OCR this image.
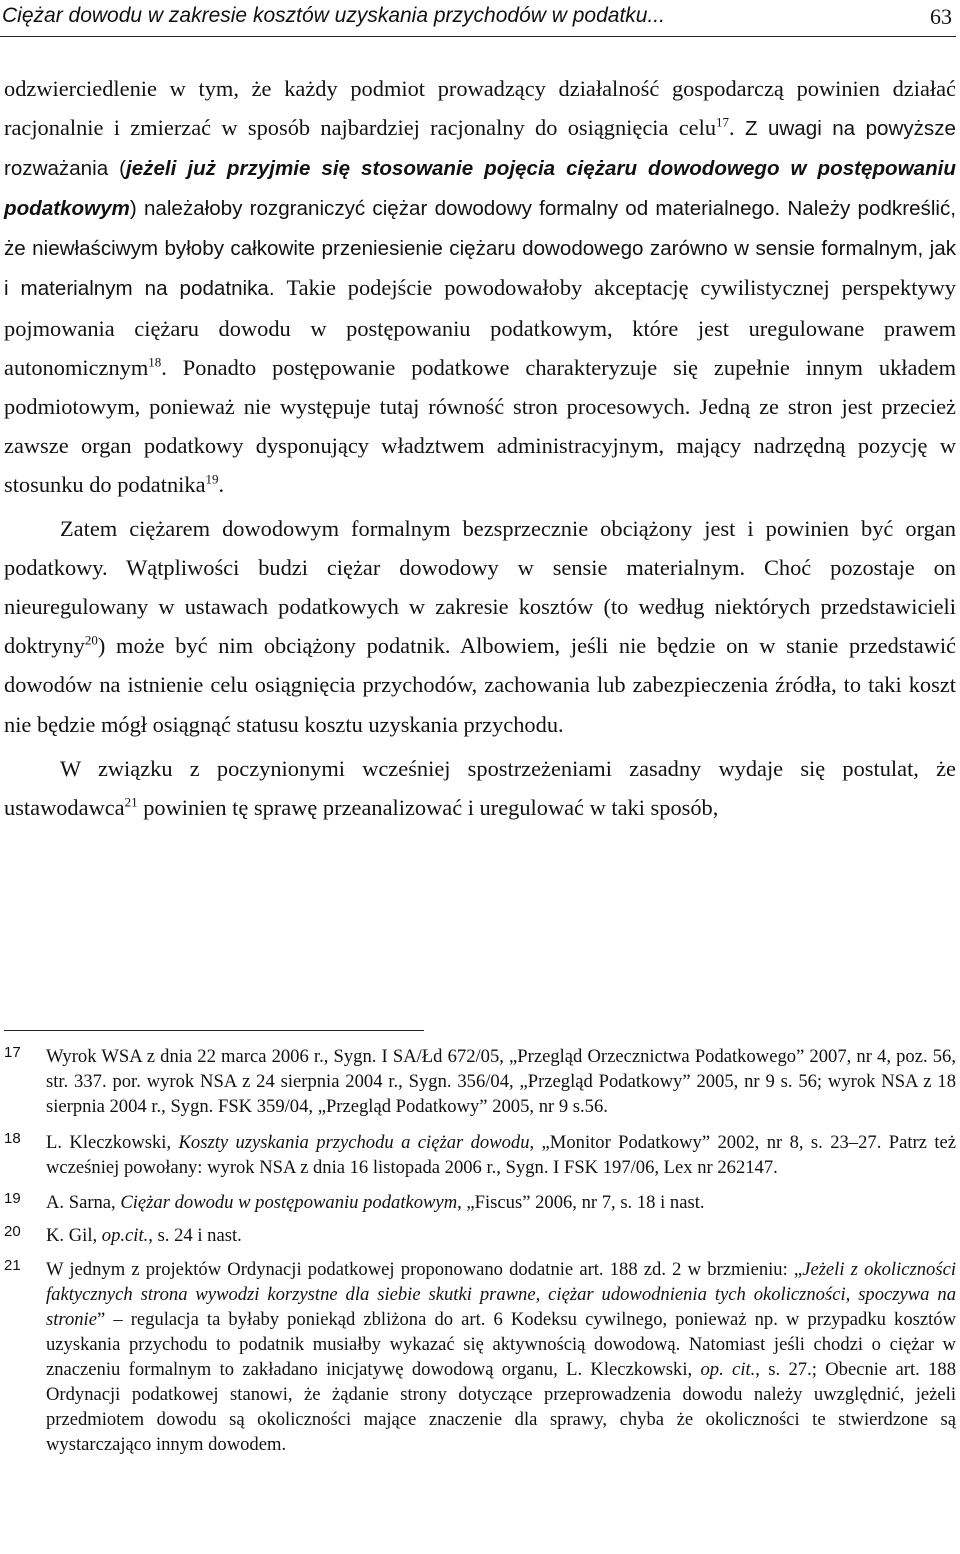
Ciężar dowodu w zakresie kosztów uzyskania przychodów w podatku...	63

odzwierciedlenie w tym, że każdy podmiot prowadzący działalność gospodarczą powinien działać racjonalnie i zmierzać w sposób najbardziej racjonalny do osiągnięcia celu$^{17}$. Z uwagi na powyższe rozważania (jeżeli już przyjmie się stosowanie pojęcia ciężaru dowodowego w postępowaniu podatkowym) należałoby rozgraniczyć ciężar dowodowy formalny od materialnego. Należy podkreślić, że niewłaściwym byłoby całkowite przeniesienie ciężaru dowodowego zarówno w sensie formalnym, jak i materialnym na podatnika. Takie podejście powodowałoby akceptację cywilistycznej perspektywy pojmowania ciężaru dowodu w postępowaniu podatkowym, które jest uregulowane prawem autonomicznym$^{18}$. Ponadto postępowanie podatkowe charakteryzuje się zupełnie innym układem podmiotowym, ponieważ nie występuje tutaj równość stron procesowych. Jedną ze stron jest przecież zawsze organ podatkowy dysponujący władztwem administracyjnym, mający nadrzędną pozycję w stosunku do podatnika$^{19}$.

Zatem ciężarem dowodowym formalnym bezsprzecznie obciążony jest i powinien być organ podatkowy. Wątpliwości budzi ciężar dowodowy w sensie materialnym. Choć pozostaje on nieuregulowany w ustawach podatkowych w zakresie kosztów (to według niektórych przedstawicieli doktryny$^{20}$) może być nim obciążony podatnik. Albowiem, jeśli nie będzie on w stanie przedstawić dowodów na istnienie celu osiągnięcia przychodów, zachowania lub zabezpieczenia źródła, to taki koszt nie będzie mógł osiągnąć statusu kosztu uzyskania przychodu.

W związku z poczynionymi wcześniej spostrzeżeniami zasadny wydaje się postulat, że ustawodawca$^{21}$ powinien tę sprawę przeanalizować i uregulować w taki sposób,

17 Wyrok WSA z dnia 22 marca 2006 r., Sygn. I SA/Łd 672/05, „Przegląd Orzecznictwa Podatkowego” 2007, nr 4, poz. 56, str. 337. por. wyrok NSA z 24 sierpnia 2004 r., Sygn. 356/04, „Przegląd Podatkowy” 2005, nr 9 s. 56; wyrok NSA z 18 sierpnia 2004 r., Sygn. FSK 359/04, „Przegląd Podatkowy” 2005, nr 9 s.56.
18 L. Kleczkowski, Koszty uzyskania przychodu a ciężar dowodu, „Monitor Podatkowy” 2002, nr 8, s. 23–27. Patrz też wcześniej powołany: wyrok NSA z dnia 16 listopada 2006 r., Sygn. I FSK 197/06, Lex nr 262147.
19 A. Sarna, Ciężar dowodu w postępowaniu podatkowym, „Fiscus” 2006, nr 7, s. 18 i nast.
20 K. Gil, op.cit., s. 24 i nast.
21 W jednym z projektów Ordynacji podatkowej proponowano dodatnie art. 188 zd. 2 w brzmieniu: „Jeżeli z okoliczności faktycznych strona wywodzi korzystne dla siebie skutki prawne, ciężar udowodnienia tych okoliczności, spoczywa na stronie” – regulacja ta byłaby poniekąd zbliżona do art. 6 Kodeksu cywilnego, ponieważ np. w przypadku kosztów uzyskania przychodu to podatnik musiałby wykazać się aktywnością dowodową. Natomiast jeśli chodzi o ciężar w znaczeniu formalnym to zakładano inicjatywę dowodową organu, L. Kleczkowski, op. cit., s. 27.; Obecnie art. 188 Ordynacji podatkowej stanowi, że żądanie strony dotyczące przeprowadzenia dowodu należy uwzględnić, jeżeli przedmiotem dowodu są okoliczności mające znaczenie dla sprawy, chyba że okoliczności te stwierdzone są wystarczająco innym dowodem.
